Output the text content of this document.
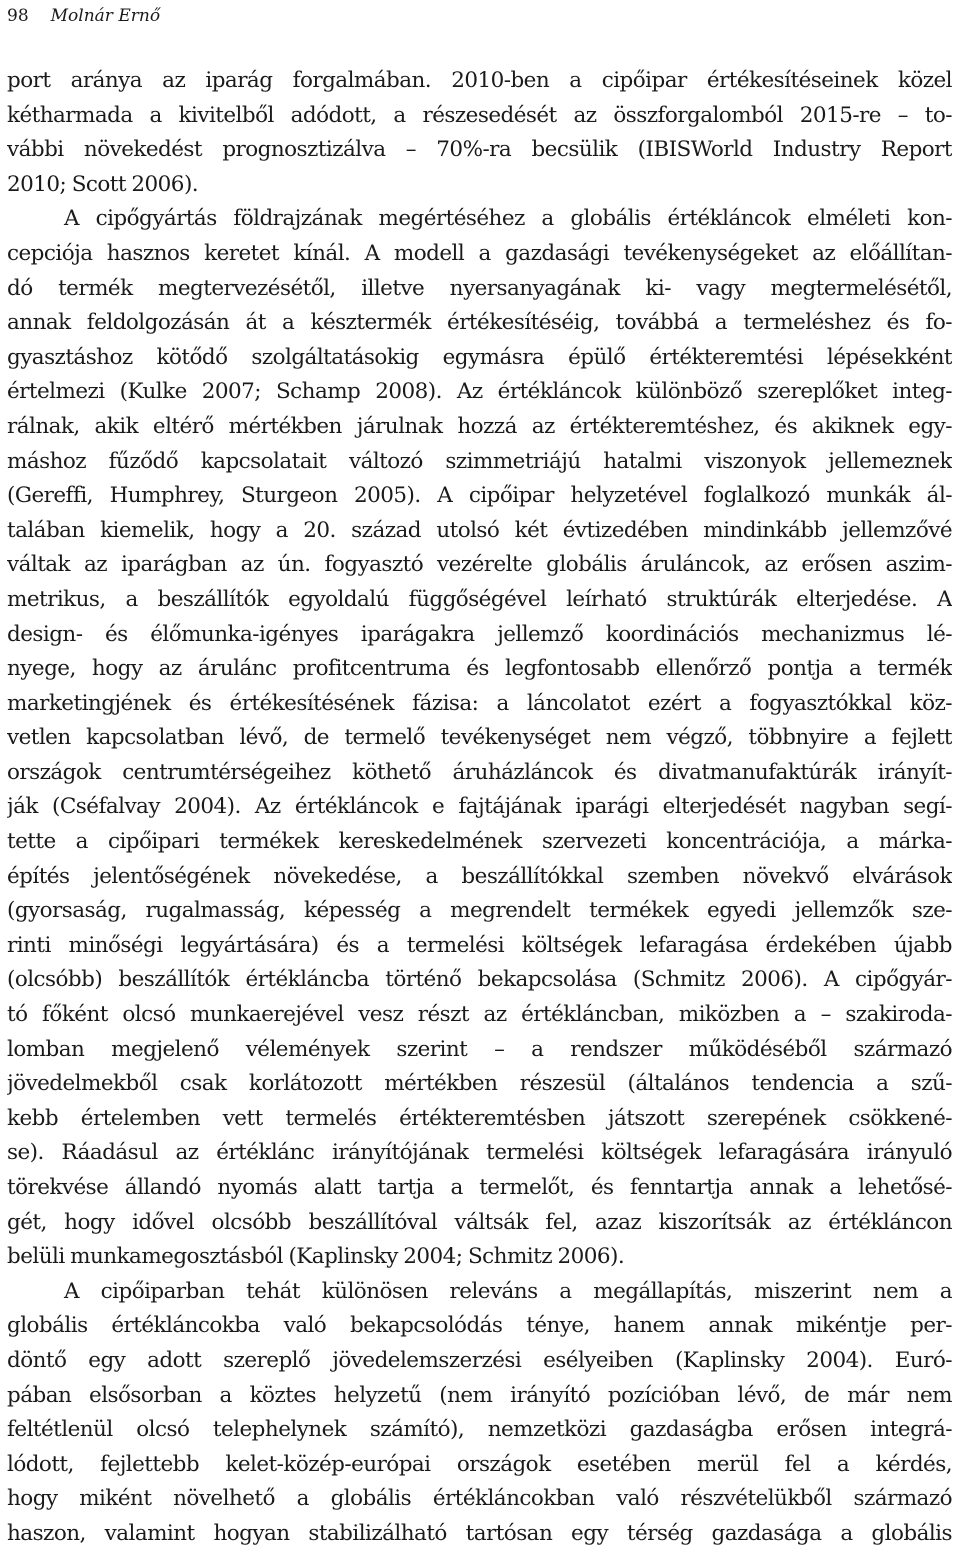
98 Molnár Ernő
port aránya az iparág forgalmában. 2010-ben a cipőipar értékesítéseinek közel
kétharmada a kivitelből adódott, a részesedését az összforgalomból 2015-re – to-
vábbi növekedést prognosztizálva – 70%-ra becsülik (IBISWorld Industry Report
2010; Scott 2006).
A cipőgyártás földrajzának megértéséhez a globális értékláncok elméleti kon-
cepciója hasznos keretet kínál. A modell a gazdasági tevékenységeket az előállítan-
dó termék megtervezésétől, illetve nyersanyagának ki- vagy megtermelésétől,
annak feldolgozásán át a késztermék értékesítéséig, továbbá a termeléshez és fo-
gyasztáshoz kötődő szolgáltatásokig egymásra épülő értékteremtési lépésekként
értelmezi (Kulke 2007; Schamp 2008). Az értékláncok különböző szereplőket integ-
rálnak, akik eltérő mértékben járulnak hozzá az értékteremtéshez, és akiknek egy-
máshoz fűződő kapcsolatait változó szimmetriájú hatalmi viszonyok jellemeznek
(Gereffi, Humphrey, Sturgeon 2005). A cipőipar helyzetével foglalkozó munkák ál-
talában kiemelik, hogy a 20. század utolsó két évtizedében mindinkább jellemzővé
váltak az iparágban az ún. fogyasztó vezérelte globális áruláncok, az erősen aszim-
metrikus, a beszállítók egyoldalú függőségével leírható struktúrák elterjedése. A
design- és élőmunka-igényes iparágakra jellemző koordinációs mechanizmus lé-
nyege, hogy az árulánc profitcentruma és legfontosabb ellenőrző pontja a termék
marketingjének és értékesítésének fázisa: a láncolatot ezért a fogyasztókkal köz-
vetlen kapcsolatban lévő, de termelő tevékenységet nem végző, többnyire a fejlett
országok centrumtérségeihez köthető áruházláncok és divatmanufaktúrák irányít-
ják (Cséfalvay 2004). Az értékláncok e fajtájának iparági elterjedését nagyban segí-
tette a cipőipari termékek kereskedelmének szervezeti koncentrációja, a márka-
építés jelentőségének növekedése, a beszállítókkal szemben növekvő elvárások
(gyorsaság, rugalmasság, képesség a megrendelt termékek egyedi jellemzők sze-
rinti minőségi legyártására) és a termelési költségek lefaragása érdekében újabb
(olcsóbb) beszállítók értékláncba történő bekapcsolása (Schmitz 2006). A cipőgyár-
tó főként olcsó munkaerejével vesz részt az értékláncban, miközben a – szakiroda-
lomban megjelenő vélemények szerint – a rendszer működéséből származó
jövedelmekből csak korlátozott mértékben részesül (általános tendencia a szű-
kebb értelemben vett termelés értékteremtésben játszott szerepének csökkené-
se). Ráadásul az értéklánc irányítójának termelési költségek lefaragására irányuló
törekvése állandó nyomás alatt tartja a termelőt, és fenntartja annak a lehetősé-
gét, hogy idővel olcsóbb beszállítóval váltsák fel, azaz kiszorítsák az értékláncon
belüli munkamegosztásból (Kaplinsky 2004; Schmitz 2006).
A cipőiparban tehát különösen releváns a megállapítás, miszerint nem a
globális értékláncokba való bekapcsolódás ténye, hanem annak mikéntje per-
döntő egy adott szereplő jövedelemszerzési esélyeiben (Kaplinsky 2004). Euró-
pában elsősorban a köztes helyzetű (nem irányító pozícióban lévő, de már nem
feltétlenül olcsó telephelynek számító), nemzetközi gazdaságba erősen integrá-
lódott, fejlettebb kelet-közép-európai országok esetében merül fel a kérdés,
hogy miként növelhető a globális értékláncokban való részvételükből származó
haszon, valamint hogyan stabilizálható tartósan egy térség gazdasága a globális
